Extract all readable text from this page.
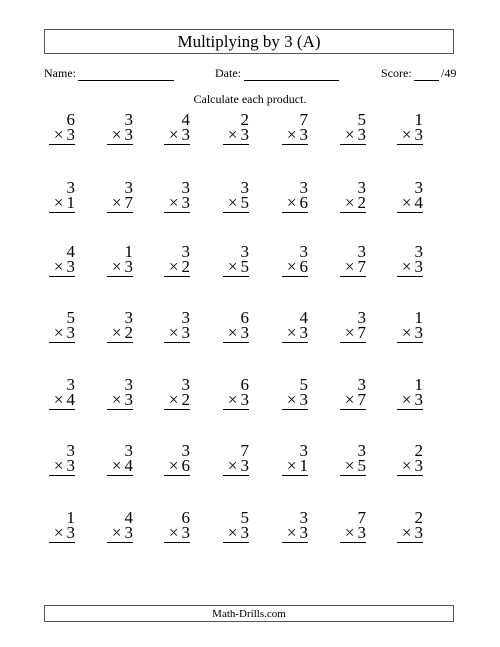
Multiplying by 3 (A)
Name:	Date:	Score: /49
Calculate each product.
6
× 3
3
× 3
4
× 3
2
× 3
7
× 3
5
× 3
1
× 3
3
× 1
3
× 7
3
× 3
3
× 5
3
× 6
3
× 2
3
× 4
4
× 3
1
× 3
3
× 2
3
× 5
3
× 6
3
× 7
3
× 3
5
× 3
3
× 2
3
× 3
6
× 3
4
× 3
3
× 7
1
× 3
3
× 4
3
× 3
3
× 2
6
× 3
5
× 3
3
× 7
1
× 3
3
× 3
3
× 4
3
× 6
7
× 3
3
× 1
3
× 5
2
× 3
1
× 3
4
× 3
6
× 3
5
× 3
3
× 3
7
× 3
2
× 3
Math-Drills.com
